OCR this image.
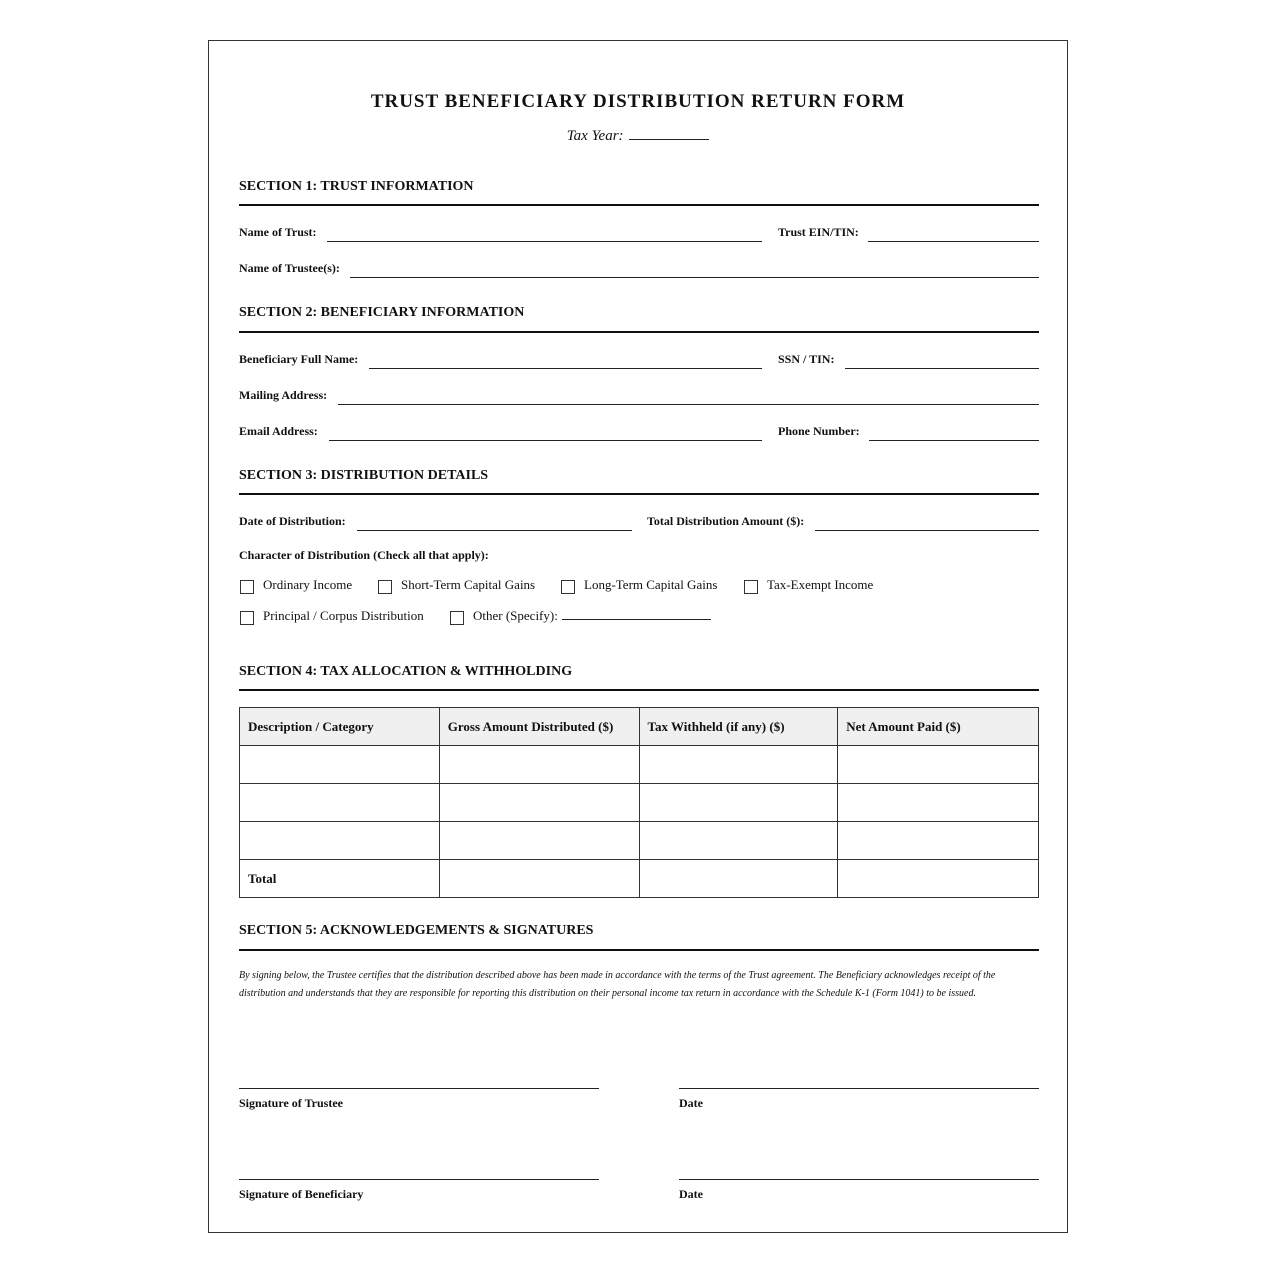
TRUST BENEFICIARY DISTRIBUTION RETURN FORM
Tax Year:
SECTION 1: TRUST INFORMATION
Name of Trust:	Trust EIN/TIN:
Name of Trustee(s):
SECTION 2: BENEFICIARY INFORMATION
Beneficiary Full Name:	SSN / TIN:
Mailing Address:
Email Address:	Phone Number:
SECTION 3: DISTRIBUTION DETAILS
Date of Distribution:	Total Distribution Amount ($):
Character of Distribution (Check all that apply):
Ordinary Income	Short-Term Capital Gains	Long-Term Capital Gains	Tax-Exempt Income
Principal / Corpus Distribution	Other (Specify):
SECTION 4: TAX ALLOCATION & WITHHOLDING
Description / Category	Gross Amount Distributed ($)	Tax Withheld (if any) ($)	Net Amount Paid ($)

Total			
SECTION 5: ACKNOWLEDGEMENTS & SIGNATURES
By signing below, the Trustee certifies that the distribution described above has been made in accordance with the terms of the Trust agreement. The Beneficiary acknowledges receipt of the distribution and understands that they are responsible for reporting this distribution on their personal income tax return in accordance with the Schedule K-1 (Form 1041) to be issued.
Signature of Trustee	Date
Signature of Beneficiary	Date
